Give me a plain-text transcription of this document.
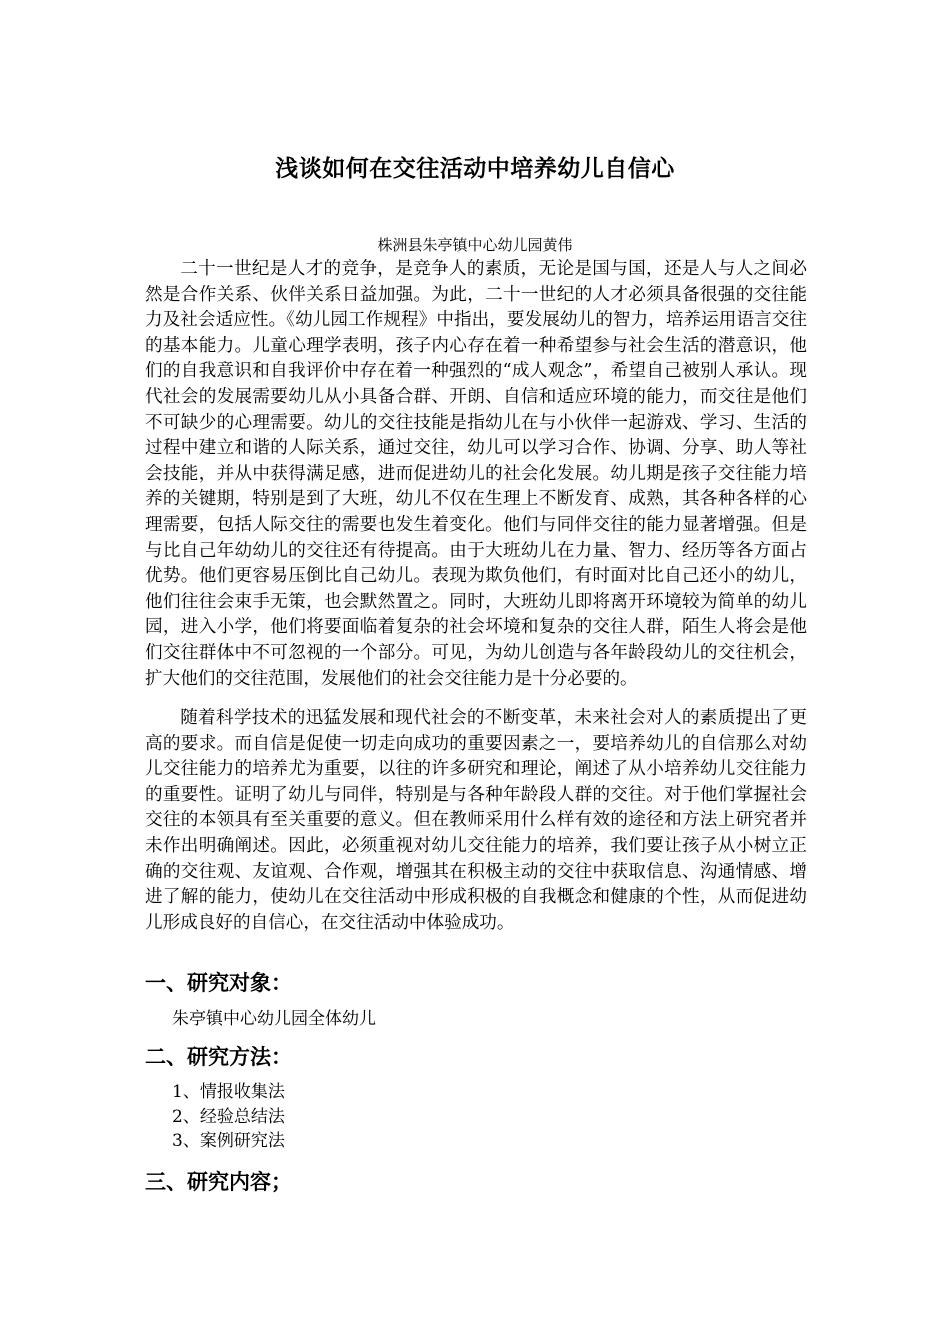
浅谈如何在交往活动中培养幼儿自信心
株洲县朱亭镇中心幼儿园黄伟

二十一世纪是人才的竞争，是竞争人的素质，无论是国与国，还是人与人之间必然是合作关系、伙伴关系日益加强。为此，二十一世纪的人才必须具备很强的交往能力及社会适应性。《幼儿园工作规程》中指出，要发展幼儿的智力，培养运用语言交往的基本能力。儿童心理学表明，孩子内心存在着一种希望参与社会生活的潜意识，他们的自我意识和自我评价中存在着一种强烈的“成人观念”，希望自己被别人承认。现代社会的发展需要幼儿从小具备合群、开朗、自信和适应环境的能力，而交往是他们不可缺少的心理需要。幼儿的交往技能是指幼儿在与小伙伴一起游戏、学习、生活的过程中建立和谐的人际关系，通过交往，幼儿可以学习合作、协调、分享、助人等社会技能，并从中获得满足感，进而促进幼儿的社会化发展。幼儿期是孩子交往能力培养的关键期，特别是到了大班，幼儿不仅在生理上不断发育、成熟，其各种各样的心理需要，包括人际交往的需要也发生着变化。他们与同伴交往的能力显著增强。但是与比自己年幼幼儿的交往还有待提高。由于大班幼儿在力量、智力、经历等各方面占优势。他们更容易压倒比自己幼儿。表现为欺负他们，有时面对比自己还小的幼儿，他们往往会束手无策，也会默然置之。同时，大班幼儿即将离开环境较为简单的幼儿园，进入小学，他们将要面临着复杂的社会坏境和复杂的交往人群，陌生人将会是他们交往群体中不可忽视的一个部分。可见，为幼儿创造与各年龄段幼儿的交往机会，扩大他们的交往范围，发展他们的社会交往能力是十分必要的。

随着科学技术的迅猛发展和现代社会的不断变革，未来社会对人的素质提出了更高的要求。而自信是促使一切走向成功的重要因素之一，要培养幼儿的自信那么对幼儿交往能力的培养尤为重要，以往的许多研究和理论，阐述了从小培养幼儿交往能力的重要性。证明了幼儿与同伴，特别是与各种年龄段人群的交往。对于他们掌握社会交往的本领具有至关重要的意义。但在教师采用什么样有效的途径和方法上研究者并未作出明确阐述。因此，必须重视对幼儿交往能力的培养，我们要让孩子从小树立正确的交往观、友谊观、合作观，增强其在积极主动的交往中获取信息、沟通情感、增进了解的能力，使幼儿在交往活动中形成积极的自我概念和健康的个性，从而促进幼儿形成良好的自信心，在交往活动中体验成功。

一、研究对象：
朱亭镇中心幼儿园全体幼儿
二、研究方法：
1、情报收集法
2、经验总结法
3、案例研究法
三、研究内容；
